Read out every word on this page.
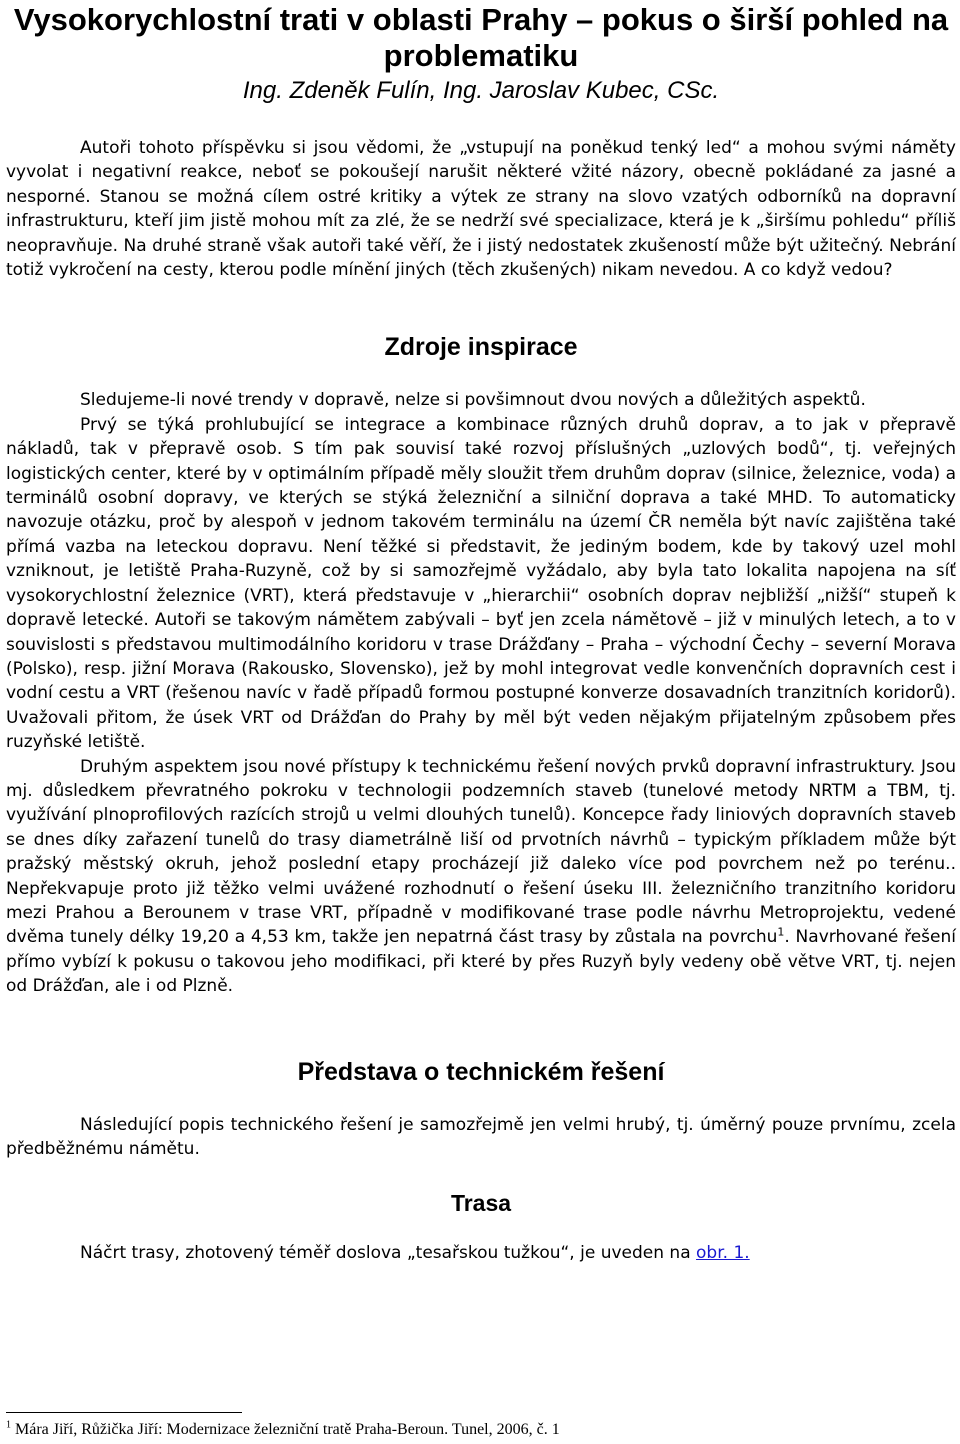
Vysokorychlostní trati v oblasti Prahy – pokus o širší pohled na problematiku
Ing. Zdeněk Fulín, Ing. Jaroslav Kubec, CSc.

Autoři tohoto příspěvku si jsou vědomi, že „vstupují na poněkud tenký led“ a mohou svými náměty vyvolat i negativní reakce, neboť se pokoušejí narušit některé vžité názory, obecně pokládané za jasné a nesporné. Stanou se možná cílem ostré kritiky a výtek ze strany na slovo vzatých odborníků na dopravní infrastrukturu, kteří jim jistě mohou mít za zlé, že se nedrží své specializace, která je k „širšímu pohledu“ příliš neopravňuje. Na druhé straně však autoři také věří, že i jistý nedostatek zkušeností může být užitečný. Nebrání totiž vykročení na cesty, kterou podle mínění jiných (těch zkušených) nikam nevedou. A co když vedou?

Zdroje inspirace

Sledujeme-li nové trendy v dopravě, nelze si povšimnout dvou nových a důležitých aspektů.

Prvý se týká prohlubující se integrace a kombinace různých druhů doprav, a to jak v přepravě nákladů, tak v přepravě osob. S tím pak souvisí také rozvoj příslušných „uzlových bodů“, tj. veřejných logistických center, které by v optimálním případě měly sloužit třem druhům doprav (silnice, železnice, voda) a terminálů osobní dopravy, ve kterých se stýká železniční a silniční doprava a také MHD. To automaticky navozuje otázku, proč by alespoň v jednom takovém terminálu na území ČR neměla být navíc zajištěna také přímá vazba na leteckou dopravu. Není těžké si představit, že jediným bodem, kde by takový uzel mohl vzniknout, je letiště Praha-Ruzyně, což by si samozřejmě vyžádalo, aby byla tato lokalita napojena na síť vysokorychlostní železnice (VRT), která představuje v „hierarchii“ osobních doprav nejbližší „nižší“ stupeň k dopravě letecké. Autoři se takovým námětem zabývali – byť jen zcela námětově – již v minulých letech, a to v souvislosti s představou multimodálního koridoru v trase Drážďany – Praha – východní Čechy – severní Morava (Polsko), resp. jižní Morava (Rakousko, Slovensko), jež by mohl integrovat vedle konvenčních dopravních cest i vodní cestu a VRT (řešenou navíc v řadě případů formou postupné konverze dosavadních tranzitních koridorů). Uvažovali přitom, že úsek VRT od Drážďan do Prahy by měl být veden nějakým přijatelným způsobem přes ruzyňské letiště.

Druhým aspektem jsou nové přístupy k technickému řešení nových prvků dopravní infrastruktury. Jsou mj. důsledkem převratného pokroku v technologii podzemních staveb (tunelové metody NRTM a TBM, tj. využívání plnoprofilových razících strojů u velmi dlouhých tunelů). Koncepce řady liniových dopravních staveb se dnes díky zařazení tunelů do trasy diametrálně liší od prvotních návrhů – typickým příkladem může být pražský městský okruh, jehož poslední etapy procházejí již daleko více pod povrchem než po terénu.. Nepřekvapuje proto již těžko velmi uvážené rozhodnutí o řešení úseku III. železničního tranzitního koridoru mezi Prahou a Berounem v trase VRT, případně v modifikované trase podle návrhu Metroprojektu, vedené dvěma tunely délky 19,20 a 4,53 km, takže jen nepatrná část trasy by zůstala na povrchu$^1$. Navrhované řešení přímo vybízí k pokusu o takovou jeho modifikaci, při které by přes Ruzyň byly vedeny obě větve VRT, tj. nejen od Drážďan, ale i od Plzně.

Představa o technickém řešení

Následující popis technického řešení je samozřejmě jen velmi hrubý, tj. úměrný pouze prvnímu, zcela předběžnému námětu.

Trasa

Náčrt trasy, zhotovený téměř doslova „tesařskou tužkou“, je uveden na obr. 1.

$^1$ Mára Jiří, Růžička Jiří: Modernizace železniční tratě Praha-Beroun. Tunel, 2006, č. 1
